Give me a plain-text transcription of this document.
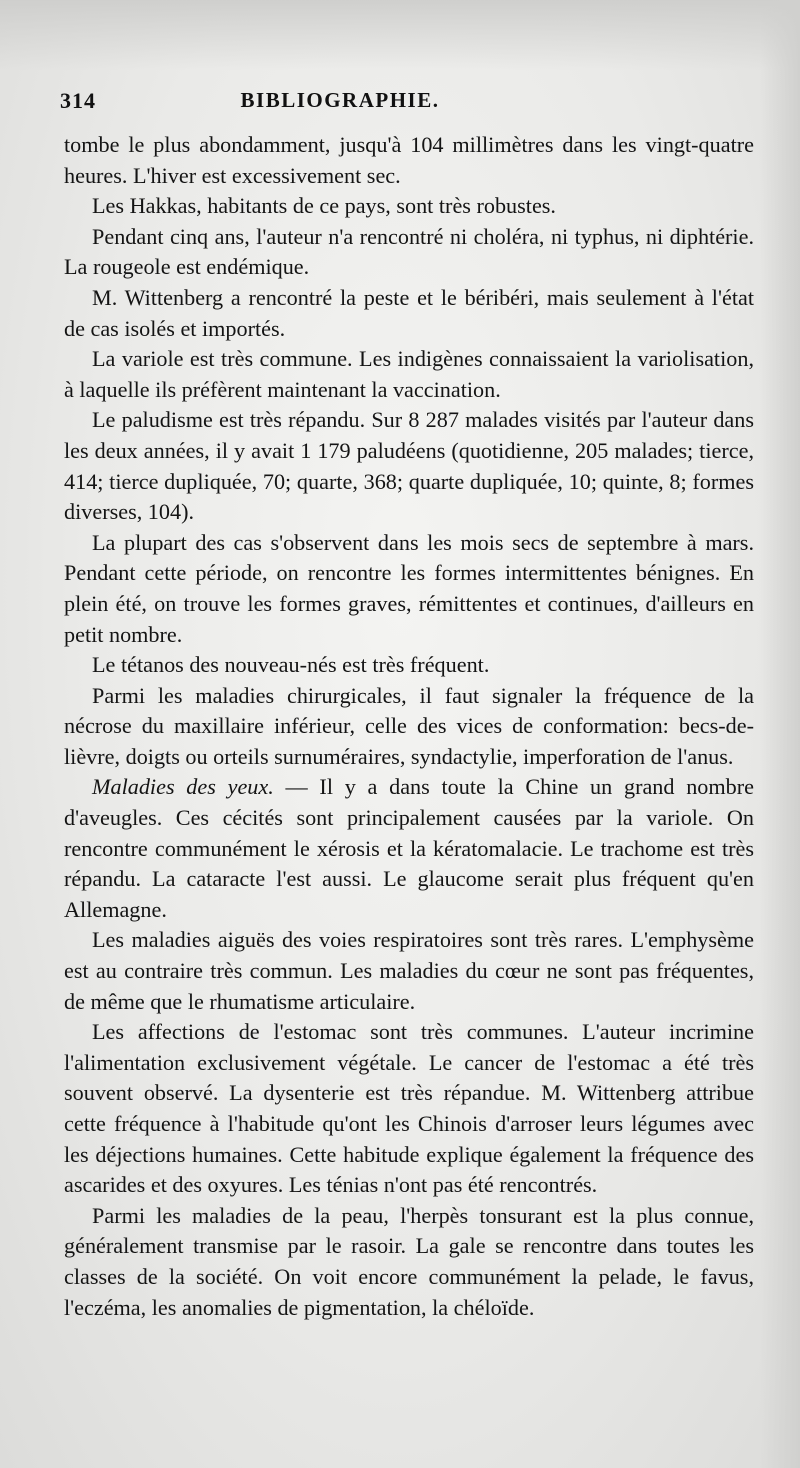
314	BIBLIOGRAPHIE.

tombe le plus abondamment, jusqu'à 104 millimètres dans les vingt-quatre heures. L'hiver est excessivement sec.

Les Hakkas, habitants de ce pays, sont très robustes.

Pendant cinq ans, l'auteur n'a rencontré ni choléra, ni typhus, ni diphtérie. La rougeole est endémique.

M. Wittenberg a rencontré la peste et le béribéri, mais seulement à l'état de cas isolés et importés.

La variole est très commune. Les indigènes connaissaient la variolisation, à laquelle ils préfèrent maintenant la vaccination.

Le paludisme est très répandu. Sur 8 287 malades visités par l'auteur dans les deux années, il y avait 1 179 paludéens (quotidienne, 205 malades; tierce, 414; tierce dupliquée, 70; quarte, 368; quarte dupliquée, 10; quinte, 8; formes diverses, 104).

La plupart des cas s'observent dans les mois secs de septembre à mars. Pendant cette période, on rencontre les formes intermittentes bénignes. En plein été, on trouve les formes graves, rémittentes et continues, d'ailleurs en petit nombre.

Le tétanos des nouveau-nés est très fréquent.

Parmi les maladies chirurgicales, il faut signaler la fréquence de la nécrose du maxillaire inférieur, celle des vices de conformation: becs-de-lièvre, doigts ou orteils surnuméraires, syndactylie, imperforation de l'anus.

Maladies des yeux. — Il y a dans toute la Chine un grand nombre d'aveugles. Ces cécités sont principalement causées par la variole. On rencontre communément le xérosis et la kératomalacie. Le trachome est très répandu. La cataracte l'est aussi. Le glaucome serait plus fréquent qu'en Allemagne.

Les maladies aiguës des voies respiratoires sont très rares. L'emphysème est au contraire très commun. Les maladies du cœur ne sont pas fréquentes, de même que le rhumatisme articulaire.

Les affections de l'estomac sont très communes. L'auteur incrimine l'alimentation exclusivement végétale. Le cancer de l'estomac a été très souvent observé. La dysenterie est très répandue. M. Wittenberg attribue cette fréquence à l'habitude qu'ont les Chinois d'arroser leurs légumes avec les déjections humaines. Cette habitude explique également la fréquence des ascarides et des oxyures. Les ténias n'ont pas été rencontrés.

Parmi les maladies de la peau, l'herpès tonsurant est la plus connue, généralement transmise par le rasoir. La gale se rencontre dans toutes les classes de la société. On voit encore communément la pelade, le favus, l'eczéma, les anomalies de pigmentation, la chéloïde.
